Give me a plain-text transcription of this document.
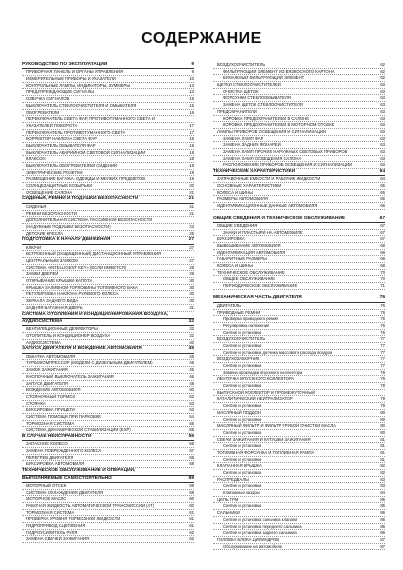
СОДЕРЖАНИЕ
РУКОВОДСТВО ПО ЭКСПЛУАТАЦИИ	9
ПРИБОРНАЯ ПАНЕЛЬ И ОРГАНЫ УПРАВЛЕНИЯ	9
ИЗМЕРИТЕЛЬНЫЕ ПРИБОРЫ И УКАЗАТЕЛИ	10
КОНТРОЛЬНЫЕ ЛАМПЫ, ИНДИКАТОРЫ, ЗУММЕРЫ	13
ПРЕДУПРЕЖДАЮЩИЕ СИГНАЛЫ	13
ОЗВУЧКА СИГНАЛОВ	15
ВЫКЛЮЧАТЕЛЬ СТЕКЛООЧИСТИТЕЛЯ И ОМЫВАТЕЛЯ	15
ОБОГРЕВАТЕЛИ	16
ПЕРЕКЛЮЧАТЕЛЬ СВЕТА ФАР, ПРОТИВОТУМАННОГО СВЕТА И
УКАЗАТЕЛЕЙ ПОВОРОТА	17
ПЕРЕКЛЮЧАТЕЛЬ ПРОТИВОТУМАННОГО СВЕТА	17
КОРРЕКТОР НАКЛОНА СВЕТА ФАР	18
ВЫКЛЮЧАТЕЛЬ ОМЫВАТЕЛЯ ФАР	18
ВЫКЛЮЧАТЕЛЬ АВАРИЙНОЙ СВЕТОВОЙ СИГНАЛИЗАЦИИ	18
КЛАКСОН	18
ВЫКЛЮЧАТЕЛЬ ОБОГРЕВАТЕЛЕЙ СИДЕНИЙ	18
ЭЛЕКТРИЧЕСКИЕ РОЗЕТКИ	19
РАЗМЕЩЕНИЕ БАГАЖА, ОДЕЖДЫ И МЕЛКИХ ПРЕДМЕТОВ	19
СОЛНЦЕЗАЩИТНЫЕ КОЗЫРЬКИ	20
ОСВЕЩЕНИЕ САЛОНА	21
СИДЕНЬЯ, РЕМНИ И ПОДУШКИ БЕЗОПАСНОСТИ	21
СИДЕНЬЯ	21
РЕМНИ БЕЗОПАСНОСТИ	21
ДОПОЛНИТЕЛЬНАЯ СИСТЕМА ПАССИВНОЙ БЕЗОПАСНОСТИ
(НАДУВНЫЕ ПОДУШКИ БЕЗОПАСНОСТИ)	23
ДЕТСКИЕ КРЕСЛА	25
ПОДГОТОВКА К НАЧАЛУ ДВИЖЕНИЯ	27
КЛЮЧИ	27
ВСТРОЕННЫЙ (ЗАЩИЩЕННЫЙ) ДИСТАНЦИОННЫЙ УПРАВЛЕНИЯ
ЦЕНТРАЛЬНЫМ ЗАМКОМ	27
СИСТЕМА «INTELLIGENT KEY» (ЕСЛИ ИМЕЕТСЯ)	28
ЗАМКИ ДВЕРЕЙ	29
ОТКРЫВАНИЕ КРЫШКИ КАПОТА	30
КРЫШКА ЗАЛИВНОЙ ГОРЛОВИНЫ ТОПЛИВНОГО БАКА	30
РЕГУЛИРОВКА НАКЛОНА РУЛЕВОГО КОЛЕСА	30
ЗЕРКАЛА ЗАДНЕГО ВИДА	30
ЗАДНЯЯ БАГАЖНАЯ ДВЕРЬ	31
СИСТЕМА ОТОПЛЕНИЯ И КОНДИЦИОНИРОВАНИЯ ВОЗДУХА,
АУДИОСИСТЕМА	32
ВЕНТИЛЯЦИОННЫЕ ДЕФЛЕКТОРЫ	32
ОТОПИТЕЛЬ И КОНДИЦИОНЕР ВОЗДУХА	32
АУДИОСИСТЕМА	40
ЗАПУСК ДВИГАТЕЛЯ И ВОЖДЕНИЕ АВТОМОБИЛЯ	45
ОБКАТКА АВТОМОБИЛЯ	45
ТУРБОКОМПРЕССОР (МОДЕЛИ С ДИЗЕЛЬНЫМ ДВИГАТЕЛЕМ)	45
ЗАМОК ЗАЖИГАНИЯ	45
КНОПОЧНЫЙ ВЫКЛЮЧАТЕЛЬ ЗАЖИГАНИЯ	46
ЗАПУСК ДВИГАТЕЛЯ	48
ВОЖДЕНИЕ АВТОМОБИЛЯ	50
СТОЯНОЧНЫЙ ТОРМОЗ	52
СТОЯНКА	53
БУКСИРОВКА ПРИЦЕПА	53
СИСТЕМА ПОМОЩИ ПРИ ПАРКОВКЕ	54
ТОРМОЗНАЯ СИСТЕМА	55
СИСТЕМА ДИНАМИЧЕСКОЙ СТАБИЛИЗАЦИИ (ESP)	55
В СЛУЧАЕ НЕИСПРАВНОСТИ	56
ЗАПАСНОЕ КОЛЕСО	56
ЗАМЕНА ПОВРЕЖДЕННОГО КОЛЕСА	57
ПЕРЕГРЕВ ДВИГАТЕЛЯ	58
БУКСИРОВКА АВТОМОБИЛЯ	58
ТЕХНИЧЕСКОЕ ОБСЛУЖИВАНИЕ И ОПЕРАЦИИ,
ВЫПОЛНЯЕМЫЕ САМОСТОЯТЕЛЬНО	59
МОТОРНЫЙ ОТСЕК	59
СИСТЕМА ОХЛАЖДЕНИЯ ДВИГАТЕЛЯ	59
МОТОРНОЕ МАСЛО	60
РАБОЧАЯ ЖИДКОСТЬ АВТОМАТИЧЕСКОЙ ТРАНСМИССИИ (АТ)	60
ТОРМОЗНАЯ СИСТЕМА	61
ПРОВЕРКА УРОВНЯ ТОРМОЗНОЙ ЖИДКОСТИ	61
ГИДРОПРИВОД СЦЕПЛЕНИЯ	61
ГИДРОУСИЛИТЕЛЬ РУЛЯ	62
ЗАМЕНА СВЕЧЕЙ ЗАЖИГАНИЯ	62
ВОЗДУХООЧИСТИТЕЛЬ	62
ФИЛЬТРУЮЩИЙ ЭЛЕМЕНТ ИЗ ВЯЗКОСНОГО КАРТОНА	62
БУМАЖНЫЙ ФИЛЬТРУЮЩИЙ ЭЛЕМЕНТ	62
ЩЕТКИ СТЕКЛООЧИСТИТЕЛЕЙ	63
ОЧИСТКА ЩЕТОК	63
ФОРСУНКИ СТЕКЛООМЫВАТЕЛЯ	63
ЗАМЕНА ЩЕТОК СТЕКЛООЧИСТИТЕЛЯ	63
ПРЕДОХРАНИТЕЛИ	63
КОРОБКА ПРЕДОХРАНИТЕЛЕЙ В САЛОНЕ	63
КОРОБКА ПРЕДОХРАНИТЕЛЕЙ В МОТОРНОМ ОТСЕКЕ	63
ЛАМПЫ ПРИБОРОВ ОСВЕЩЕНИЯ И СИГНАЛИЗАЦИИ	63
ЗАМЕНА ЛАМП ФАР	63
ЗАМЕНА ЗАДНИХ ФОНАРЕЙ	63
ЗАМЕНА ЛАМП ПРОЧИХ НАРУЖНЫХ СВЕТОВЫХ ПРИБОРОВ	63
ЗАМЕНА ЛАМП ОСВЕЩЕНИЯ САЛОНА	63
РАСПОЛОЖЕНИЕ ПРИБОРОВ ОСВЕЩЕНИЯ И СИГНАЛИЗАЦИИ	63
ТЕХНИЧЕСКИЕ ХАРАКТЕРИСТИКИ	64
ЗАПРАВОЧНЫЕ ЕМКОСТИ И РАБОЧИЕ ЖИДКОСТИ	64
ОСНОВНЫЕ ХАРАКТЕРИСТИКИ	65
КОЛЕСА И ШИНЫ	65
РАЗМЕРЫ АВТОМОБИЛЯ	65
ИДЕНТИФИКАЦИОННЫЕ ДАННЫЕ АВТОМОБИЛЯ	66
ОБЩИЕ СВЕДЕНИЯ И ТЕХНИЧЕСКОЕ ОБСЛУЖИВАНИЕ	67
ОБЩИЕ СВЕДЕНИЯ	67
ЗНАКИ И ПЛАСТЫРИ НА АВТОМОБИЛЕ	67
БУКСИРОВКА	67
ВЫВЕШИВАНИЕ АВТОМОБИЛЯ	68
ИДЕНТИФИКАЦИЯ АВТОМОБИЛЯ	68
ГАБАРИТНЫЕ РАЗМЕРЫ	68
КОЛЕСА И ШИНЫ	68
ТЕХНИЧЕСКОЕ ОБСЛУЖИВАНИЕ	70
ОБЩЕЕ ОБСЛУЖИВАНИЕ	70
ПЕРИОДИЧЕСКОЕ ОБСЛУЖИВАНИЕ	71
МЕХАНИЧЕСКАЯ ЧАСТЬ ДВИГАТЕЛЯ	76
ДВИГАТЕЛЬ	76
ПРИВОДНЫЕ РЕМНИ	76
Проверка приводного ремня	76
Регулировка натяжения	76
Снятие и установка	76
ВОЗДУХООЧИСТИТЕЛЬ	77
Снятие и установка	77
Снятие и установка датчика массового расхода воздуха	77
ВОЗДУХОЗАБОРНИК	77
Снятие и установка	77
Замена прокладки впускного коллектора	78
ЛЕНТОЧКА ВПУСКНОГО КОЛЛЕКТОРА	78
Снятие и установка	78
ВЫПУСКНОЙ КОЛЛЕКТОР И ПРОМЕЖУТОЧНЫЙ
КАТАЛИТИЧЕСКИЙ НЕЙТРАЛИЗАТОР	79
Снятие и установка	79
МАСЛЯНЫЙ ПОДДОН	80
Снятие и установка	80
МАСЛЯНЫЙ ФИЛЬТР И ФИЛЬТР ГРУБОЙ ОЧИСТКИ МАСЛА	80
Снятие и установка	80
СВЕЧИ ЗАЖИГАНИЯ И КАТУШКИ ЗАЖИГАНИЯ	81
Снятие и установка	81
ТОПЛИВНАЯ ФОРСУНКА И ТОПЛИВНАЯ РАМПА	81
Снятие и установка	81
КЛАПАННАЯ КРЫШКА	82
Снятие и установка	82
РАСПРЕДВАЛЫ	83
Снятие и установка	83
Клапанные зазоры	84
ЦЕПЬ ГРМ	85
Снятие и установка	85
САЛЬНИКИ	86
Снятие и установка сальника клапана	86
Снятие и установка переднего сальника	86
Снятие и установка заднего сальника	86
ГОЛОВКА БЛОКА ЦИЛИНДРОВ	87
Обслуживание на автомобиле	87
